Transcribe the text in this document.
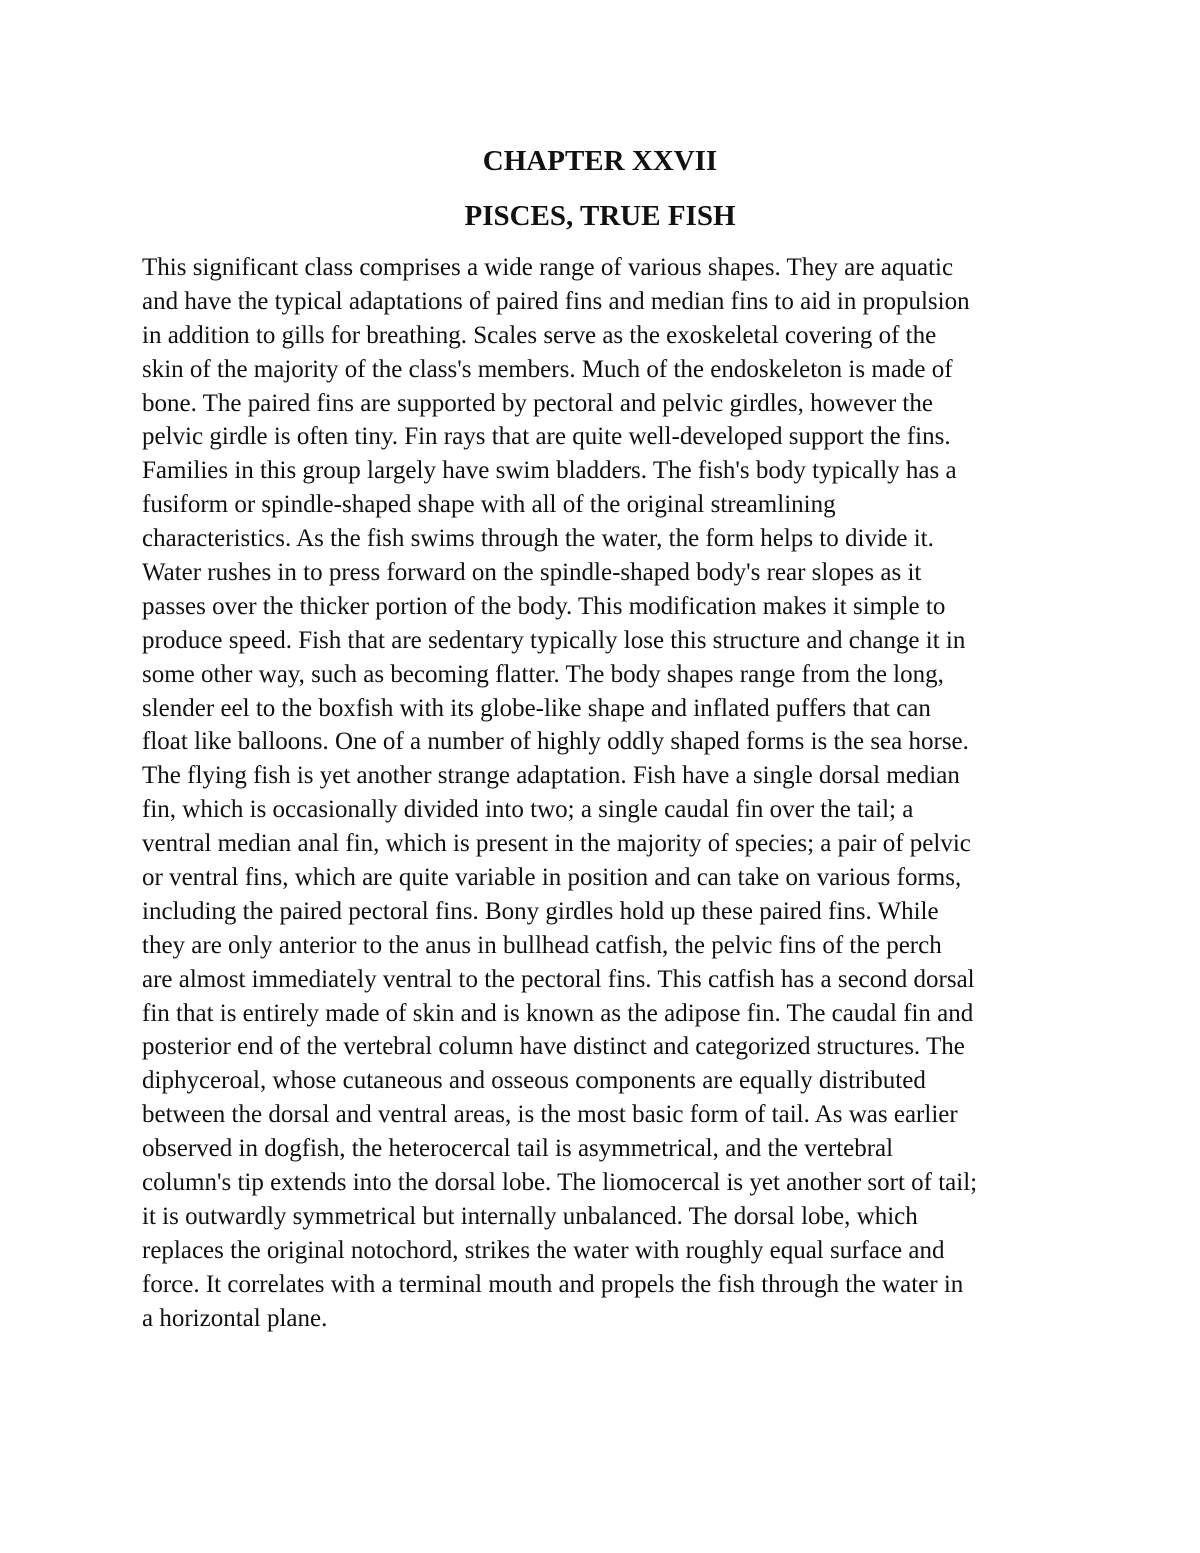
CHAPTER XXVII
PISCES, TRUE FISH
This significant class comprises a wide range of various shapes. They are aquatic
and have the typical adaptations of paired fins and median fins to aid in propulsion
in addition to gills for breathing. Scales serve as the exoskeletal covering of the
skin of the majority of the class's members. Much of the endoskeleton is made of
bone. The paired fins are supported by pectoral and pelvic girdles, however the
pelvic girdle is often tiny. Fin rays that are quite well-developed support the fins.
Families in this group largely have swim bladders. The fish's body typically has a
fusiform or spindle-shaped shape with all of the original streamlining
characteristics. As the fish swims through the water, the form helps to divide it.
Water rushes in to press forward on the spindle-shaped body's rear slopes as it
passes over the thicker portion of the body. This modification makes it simple to
produce speed. Fish that are sedentary typically lose this structure and change it in
some other way, such as becoming flatter. The body shapes range from the long,
slender eel to the boxfish with its globe-like shape and inflated puffers that can
float like balloons. One of a number of highly oddly shaped forms is the sea horse.
The flying fish is yet another strange adaptation. Fish have a single dorsal median
fin, which is occasionally divided into two; a single caudal fin over the tail; a
ventral median anal fin, which is present in the majority of species; a pair of pelvic
or ventral fins, which are quite variable in position and can take on various forms,
including the paired pectoral fins. Bony girdles hold up these paired fins. While
they are only anterior to the anus in bullhead catfish, the pelvic fins of the perch
are almost immediately ventral to the pectoral fins. This catfish has a second dorsal
fin that is entirely made of skin and is known as the adipose fin. The caudal fin and
posterior end of the vertebral column have distinct and categorized structures. The
diphyceroal, whose cutaneous and osseous components are equally distributed
between the dorsal and ventral areas, is the most basic form of tail. As was earlier
observed in dogfish, the heterocercal tail is asymmetrical, and the vertebral
column's tip extends into the dorsal lobe. The liomocercal is yet another sort of tail;
it is outwardly symmetrical but internally unbalanced. The dorsal lobe, which
replaces the original notochord, strikes the water with roughly equal surface and
force. It correlates with a terminal mouth and propels the fish through the water in
a horizontal plane.
